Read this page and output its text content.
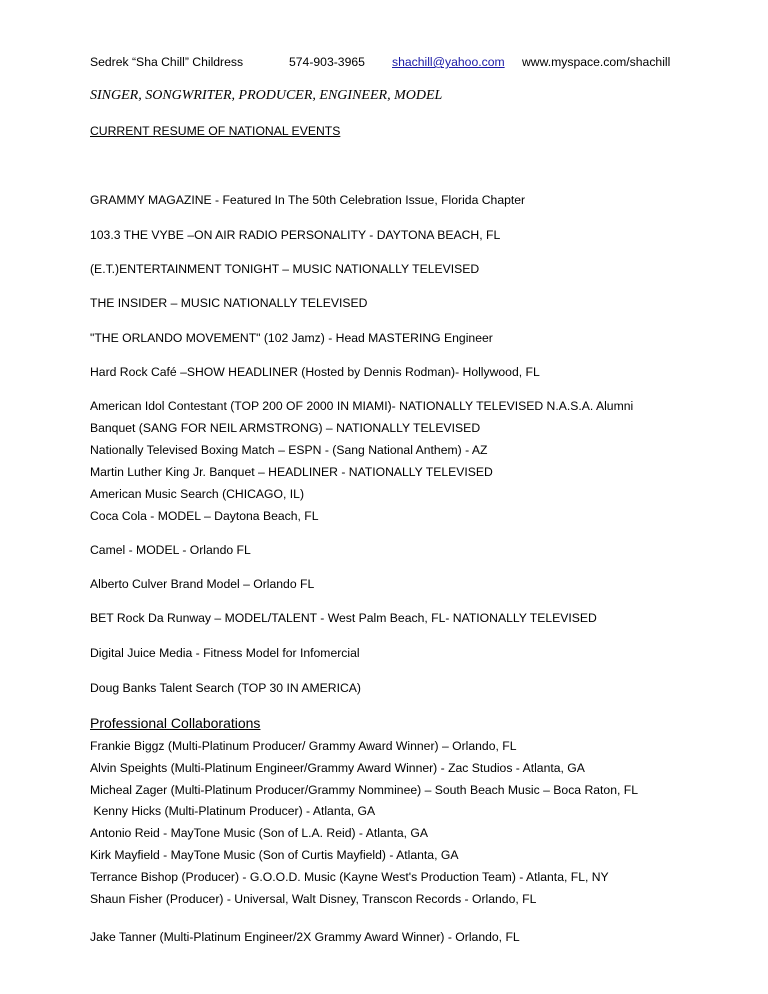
Sedrek “Sha Chill” Childress	574-903-3965 shachill@yahoo.com www.myspace.com/shachill
SINGER, SONGWRITER, PRODUCER, ENGINEER, MODEL
CURRENT RESUME OF NATIONAL EVENTS
GRAMMY MAGAZINE - Featured In The 50th Celebration Issue, Florida Chapter
103.3 THE VYBE –ON AIR RADIO PERSONALITY - DAYTONA BEACH, FL
(E.T.)ENTERTAINMENT TONIGHT – MUSIC NATIONALLY TELEVISED
THE INSIDER – MUSIC NATIONALLY TELEVISED
"THE ORLANDO MOVEMENT" (102 Jamz) - Head MASTERING Engineer
Hard Rock Café –SHOW HEADLINER (Hosted by Dennis Rodman)- Hollywood, FL
American Idol Contestant (TOP 200 OF 2000 IN MIAMI)- NATIONALLY TELEVISED N.A.S.A. Alumni
Banquet (SANG FOR NEIL ARMSTRONG) – NATIONALLY TELEVISED
Nationally Televised Boxing Match – ESPN - (Sang National Anthem) - AZ
Martin Luther King Jr. Banquet – HEADLINER - NATIONALLY TELEVISED
American Music Search (CHICAGO, IL)
Coca Cola - MODEL – Daytona Beach, FL
Camel - MODEL - Orlando FL
Alberto Culver Brand Model – Orlando FL
BET Rock Da Runway – MODEL/TALENT - West Palm Beach, FL- NATIONALLY TELEVISED
Digital Juice Media - Fitness Model for Infomercial
Doug Banks Talent Search (TOP 30 IN AMERICA)
Professional Collaborations
Frankie Biggz (Multi-Platinum Producer/ Grammy Award Winner) – Orlando, FL
Alvin Speights (Multi-Platinum Engineer/Grammy Award Winner) - Zac Studios - Atlanta, GA
Micheal Zager (Multi-Platinum Producer/Grammy Nomminee) – South Beach Music – Boca Raton, FL
Kenny Hicks (Multi-Platinum Producer) - Atlanta, GA
Antonio Reid - MayTone Music (Son of L.A. Reid) - Atlanta, GA
Kirk Mayfield - MayTone Music (Son of Curtis Mayfield) - Atlanta, GA
Terrance Bishop (Producer) - G.O.O.D. Music (Kayne West's Production Team) - Atlanta, FL, NY
Shaun Fisher (Producer) - Universal, Walt Disney, Transcon Records - Orlando, FL
Jake Tanner (Multi-Platinum Engineer/2X Grammy Award Winner) - Orlando, FL
